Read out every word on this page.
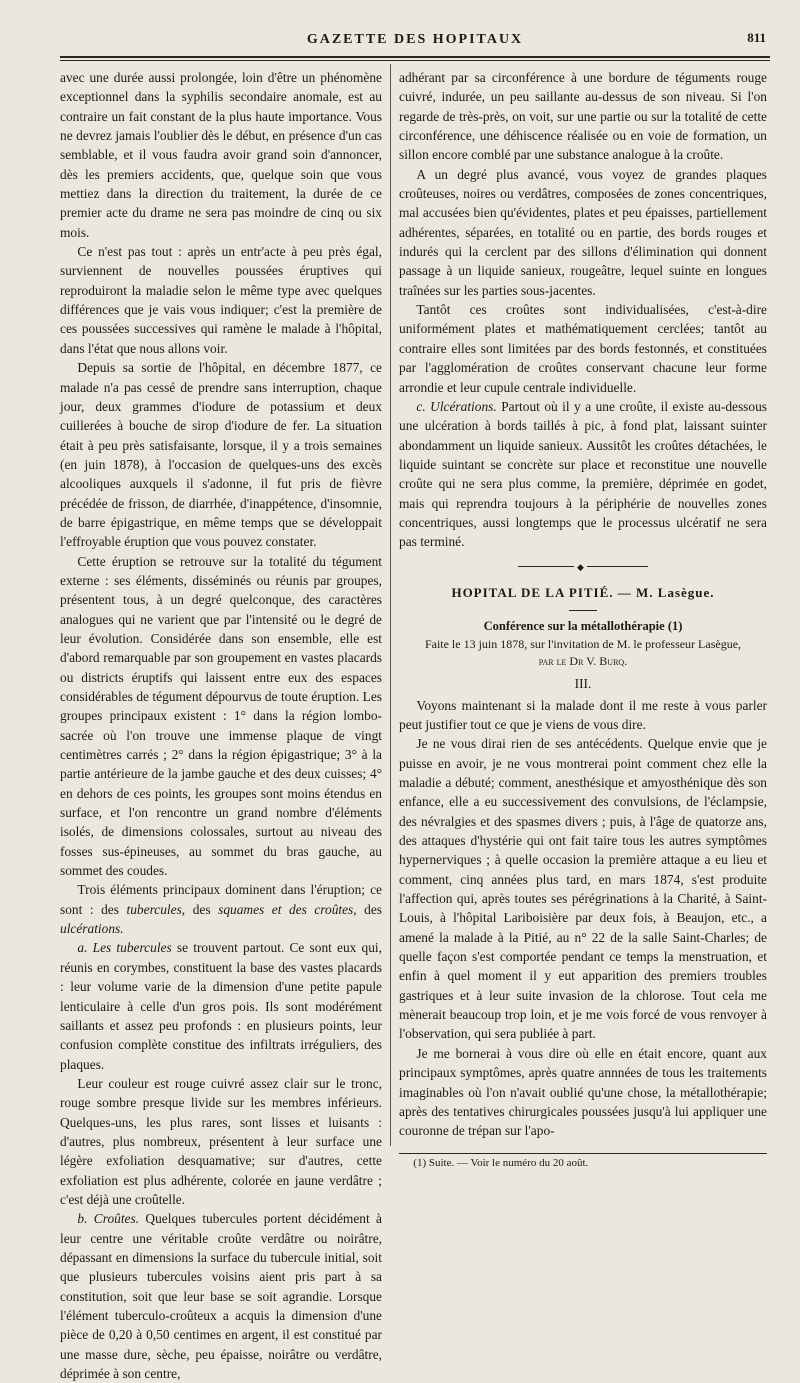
GAZETTE DES HOPITAUX	811

avec une durée aussi prolongée, loin d'être un phénomène exceptionnel dans la syphilis secondaire anomale, est au contraire un fait constant de la plus haute importance. Vous ne devrez jamais l'oublier dès le début, en présence d'un cas semblable, et il vous faudra avoir grand soin d'annoncer, dès les premiers accidents, que, quelque soin que vous mettiez dans la direction du traitement, la durée de ce premier acte du drame ne sera pas moindre de cinq ou six mois.

Ce n'est pas tout : après un entr'acte à peu près égal, surviennent de nouvelles poussées éruptives qui reproduiront la maladie selon le même type avec quelques différences que je vais vous indiquer; c'est la première de ces poussées successives qui ramène le malade à l'hôpital, dans l'état que nous allons voir.

Depuis sa sortie de l'hôpital, en décembre 1877, ce malade n'a pas cessé de prendre sans interruption, chaque jour, deux grammes d'iodure de potassium et deux cuillerées à bouche de sirop d'iodure de fer. La situation était à peu près satisfaisante, lorsque, il y a trois semaines (en juin 1878), à l'occasion de quelques-uns des excès alcooliques auxquels il s'adonne, il fut pris de fièvre précédée de frisson, de diarrhée, d'inappétence, d'insomnie, de barre épigastrique, en même temps que se développait l'effroyable éruption que vous pouvez constater.

Cette éruption se retrouve sur la totalité du tégument externe : ses éléments, disséminés ou réunis par groupes, présentent tous, à un degré quelconque, des caractères analogues qui ne varient que par l'intensité ou le degré de leur évolution. Considérée dans son ensemble, elle est d'abord remarquable par son groupement en vastes placards ou districts éruptifs qui laissent entre eux des espaces considérables de tégument dépourvus de toute éruption. Les groupes principaux existent : 1° dans la région lombo-sacrée où l'on trouve une immense plaque de vingt centimètres carrés ; 2° dans la région épigastrique; 3° à la partie antérieure de la jambe gauche et des deux cuisses; 4° en dehors de ces points, les groupes sont moins étendus en surface, et l'on rencontre un grand nombre d'éléments isolés, de dimensions colossales, surtout au niveau des fosses sus-épineuses, au sommet du bras gauche, au sommet des coudes.

Trois éléments principaux dominent dans l'éruption; ce sont : des tubercules, des squames et des croûtes, des ulcérations.

a. Les tubercules se trouvent partout. Ce sont eux qui, réunis en corymbes, constituent la base des vastes placards : leur volume varie de la dimension d'une petite papule lenticulaire à celle d'un gros pois. Ils sont modérément saillants et assez peu profonds : en plusieurs points, leur confusion complète constitue des infiltrats irréguliers, des plaques.

Leur couleur est rouge cuivré assez clair sur le tronc, rouge sombre presque livide sur les membres inférieurs. Quelques-uns, les plus rares, sont lisses et luisants : d'autres, plus nombreux, présentent à leur surface une légère exfoliation desquamative; sur d'autres, cette exfoliation est plus adhérente, colorée en jaune verdâtre ; c'est déjà une croûtelle.

b. Croûtes. Quelques tubercules portent décidément à leur centre une véritable croûte verdâtre ou noirâtre, dépassant en dimensions la surface du tubercule initial, soit que plusieurs tubercules voisins aient pris part à sa constitution, soit que leur base se soit agrandie. Lorsque l'élément tuberculo-croûteux a acquis la dimension d'une pièce de 0,20 à 0,50 centimes en argent, il est constitué par une masse dure, sèche, peu épaisse, noirâtre ou verdâtre, déprimée à son centre,

adhérant par sa circonférence à une bordure de téguments rouge cuivré, indurée, un peu saillante au-dessus de son niveau. Si l'on regarde de très-près, on voit, sur une partie ou sur la totalité de cette circonférence, une déhiscence réalisée ou en voie de formation, un sillon encore comblé par une substance analogue à la croûte.

A un degré plus avancé, vous voyez de grandes plaques croûteuses, noires ou verdâtres, composées de zones concentriques, mal accusées bien qu'évidentes, plates et peu épaisses, partiellement adhérentes, séparées, en totalité ou en partie, des bords rouges et indurés qui la cerclent par des sillons d'élimination qui donnent passage à un liquide sanieux, rougeâtre, lequel suinte en longues traînées sur les parties sous-jacentes.

Tantôt ces croûtes sont individualisées, c'est-à-dire uniformément plates et mathématiquement cerclées; tantôt au contraire elles sont limitées par des bords festonnés, et constituées par l'agglomération de croûtes conservant chacune leur forme arrondie et leur cupule centrale individuelle.

c. Ulcérations. Partout où il y a une croûte, il existe au-dessous une ulcération à bords taillés à pic, à fond plat, laissant suinter abondamment un liquide sanieux. Aussitôt les croûtes détachées, le liquide suintant se concrète sur place et reconstitue une nouvelle croûte qui ne sera plus comme, la première, déprimée en godet, mais qui reprendra toujours à la périphérie de nouvelles zones concentriques, aussi longtemps que le processus ulcératif ne sera pas terminé.

◆

HOPITAL DE LA PITIÉ. — M. Lasègue.

Conférence sur la métallothérapie (1)

Faite le 13 juin 1878, sur l'invitation de M. le professeur Lasègue,

par le Dr V. Burq.

III.

Voyons maintenant si la malade dont il me reste à vous parler peut justifier tout ce que je viens de vous dire.

Je ne vous dirai rien de ses antécédents. Quelque envie que je puisse en avoir, je ne vous montrerai point comment chez elle la maladie a débuté; comment, anesthésique et amyosthénique dès son enfance, elle a eu successivement des convulsions, de l'éclampsie, des névralgies et des spasmes divers ; puis, à l'âge de quatorze ans, des attaques d'hystérie qui ont fait taire tous les autres symptômes hypernerviques ; à quelle occasion la première attaque a eu lieu et comment, cinq années plus tard, en mars 1874, s'est produite l'affection qui, après toutes ses pérégrinations à la Charité, à Saint-Louis, à l'hôpital Lariboisière par deux fois, à Beaujon, etc., a amené la malade à la Pitié, au n° 22 de la salle Saint-Charles; de quelle façon s'est comportée pendant ce temps la menstruation, et enfin à quel moment il y eut apparition des premiers troubles gastriques et à leur suite invasion de la chlorose. Tout cela me mènerait beaucoup trop loin, et je me vois forcé de vous renvoyer à l'observation, qui sera publiée à part.

Je me bornerai à vous dire où elle en était encore, quant aux principaux symptômes, après quatre annnées de tous les traitements imaginables où l'on n'avait oublié qu'une chose, la métallothérapie; après des tentatives chirurgicales poussées jusqu'à lui appliquer une couronne de trépan sur l'apo-

(1) Suite. — Voir le numéro du 20 août.
